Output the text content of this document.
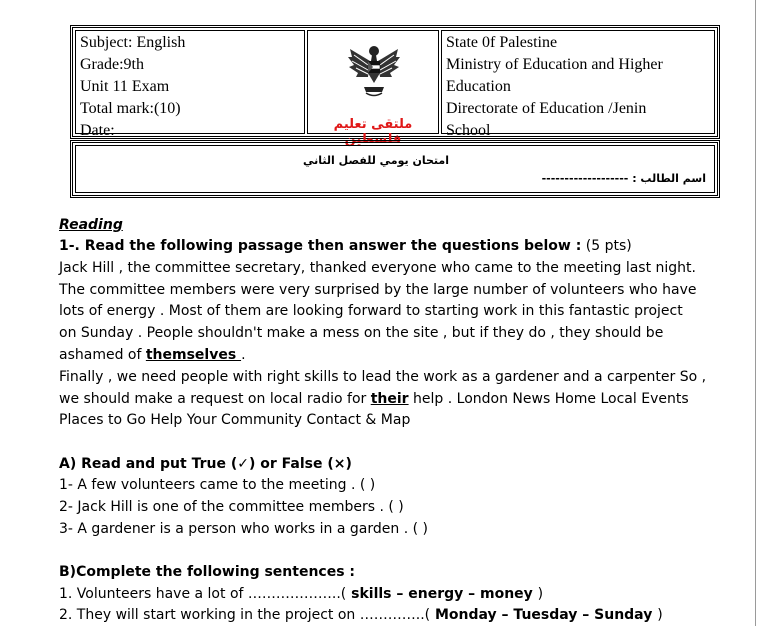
Subject: English
Grade:9th
Unit 11 Exam
Total mark:(10)
Date:	ملتقى تعليم فلسطين
State 0f Palestine
Ministry of Education and Higher
Education
Directorate of Education /Jenin
School
امتحان يومي للفصل الثاني
اسم الطالب : -------------------
Reading
1-. Read the following passage then answer the questions below : (5 pts)
Jack Hill , the committee secretary, thanked everyone who came to the meeting last night.
The committee members were very surprised by the large number of volunteers who have
lots of energy . Most of them are looking forward to starting work in this fantastic project
on Sunday . People shouldn't make a mess on the site , but if they do , they should be
ashamed of themselves .
Finally , we need people with right skills to lead the work as a gardener and a carpenter So ,
we should make a request on local radio for their help . London News Home Local Events
Places to Go Help Your Community Contact & Map
A) Read and put True (✓) or False (×)
1- A few volunteers came to the meeting . ( )
2- Jack Hill is one of the committee members . ( )
3- A gardener is a person who works in a garden . ( )
B)Complete the following sentences :
1. Volunteers have a lot of ………………..( skills – energy – money )
2. They will start working in the project on …………..( Monday – Tuesday – Sunday )
